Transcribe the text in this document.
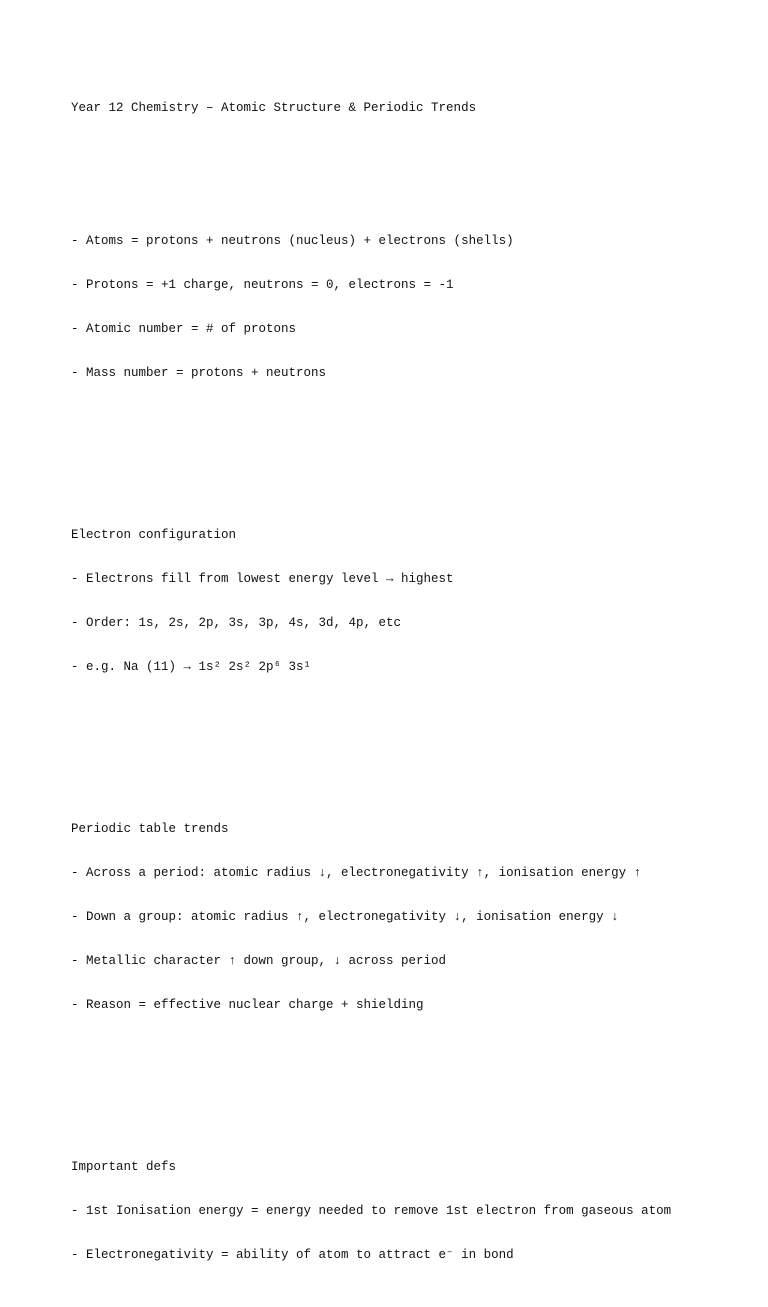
Year 12 Chemistry – Atomic Structure & Periodic Trends

- Atoms = protons + neutrons (nucleus) + electrons (shells)

- Protons = +1 charge, neutrons = 0, electrons = -1

- Atomic number = # of protons

- Mass number = protons + neutrons

Electron configuration

- Electrons fill from lowest energy level → highest

- Order: 1s, 2s, 2p, 3s, 3p, 4s, 3d, 4p, etc

- e.g. Na (11) → 1s² 2s² 2p⁶ 3s¹

Periodic table trends

- Across a period: atomic radius ↓, electronegativity ↑, ionisation energy ↑

- Down a group: atomic radius ↑, electronegativity ↓, ionisation energy ↓

- Metallic character ↑ down group, ↓ across period

- Reason = effective nuclear charge + shielding

Important defs

- 1st Ionisation energy = energy needed to remove 1st electron from gaseous atom

- Electronegativity = ability of atom to attract e⁻ in bond
